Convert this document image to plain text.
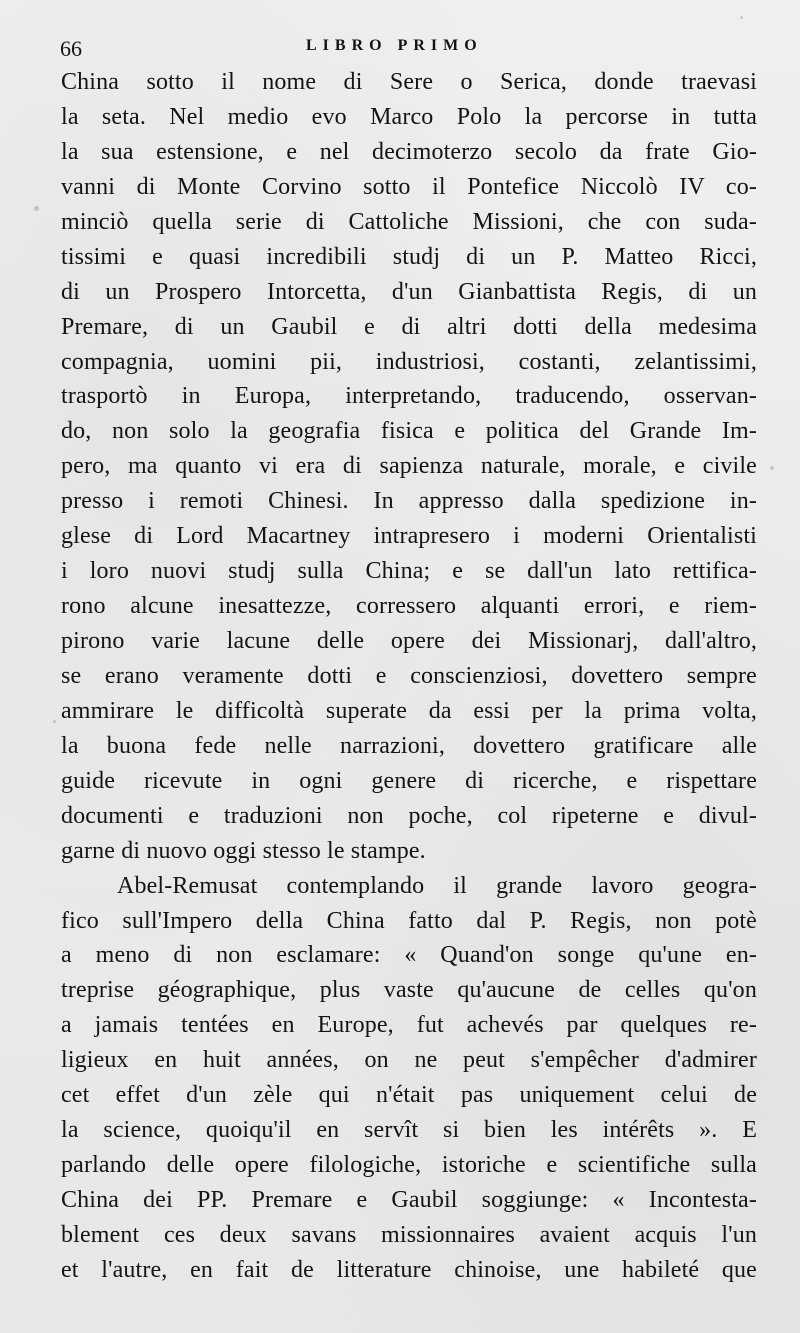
66	LIBRO PRIMO
China sotto il nome di Sere o Serica, donde traevasi
la seta. Nel medio evo Marco Polo la percorse in tutta
la sua estensione, e nel decimoterzo secolo da frate Gio-
vanni di Monte Corvino sotto il Pontefice Niccolò IV co-
minciò quella serie di Cattoliche Missioni, che con suda-
tissimi e quasi incredibili studj di un P. Matteo Ricci,
di un Prospero Intorcetta, d'un Gianbattista Regis, di un
Premare, di un Gaubil e di altri dotti della medesima
compagnia, uomini pii, industriosi, costanti, zelantissimi,
trasportò in Europa, interpretando, traducendo, osservan-
do, non solo la geografia fisica e politica del Grande Im-
pero, ma quanto vi era di sapienza naturale, morale, e civile
presso i remoti Chinesi. In appresso dalla spedizione in-
glese di Lord Macartney intrapresero i moderni Orientalisti
i loro nuovi studj sulla China; e se dall'un lato rettifica-
rono alcune inesattezze, corressero alquanti errori, e riem-
pirono varie lacune delle opere dei Missionarj, dall'altro,
se erano veramente dotti e conscienziosi, dovettero sempre
ammirare le difficoltà superate da essi per la prima volta,
la buona fede nelle narrazioni, dovettero gratificare alle
guide ricevute in ogni genere di ricerche, e rispettare
documenti e traduzioni non poche, col ripeterne e divul-
garne di nuovo oggi stesso le stampe.
Abel-Remusat contemplando il grande lavoro geogra-
fico sull'Impero della China fatto dal P. Regis, non potè
a meno di non esclamare: « Quand'on songe qu'une en-
treprise géographique, plus vaste qu'aucune de celles qu'on
a jamais tentées en Europe, fut achevés par quelques re-
ligieux en huit années, on ne peut s'empêcher d'admirer
cet effet d'un zèle qui n'était pas uniquement celui de
la science, quoiqu'il en servît si bien les intérêts ». E
parlando delle opere filologiche, istoriche e scientifiche sulla
China dei PP. Premare e Gaubil soggiunge: « Incontesta-
blement ces deux savans missionnaires avaient acquis l'un
et l'autre, en fait de litterature chinoise, une habileté que
